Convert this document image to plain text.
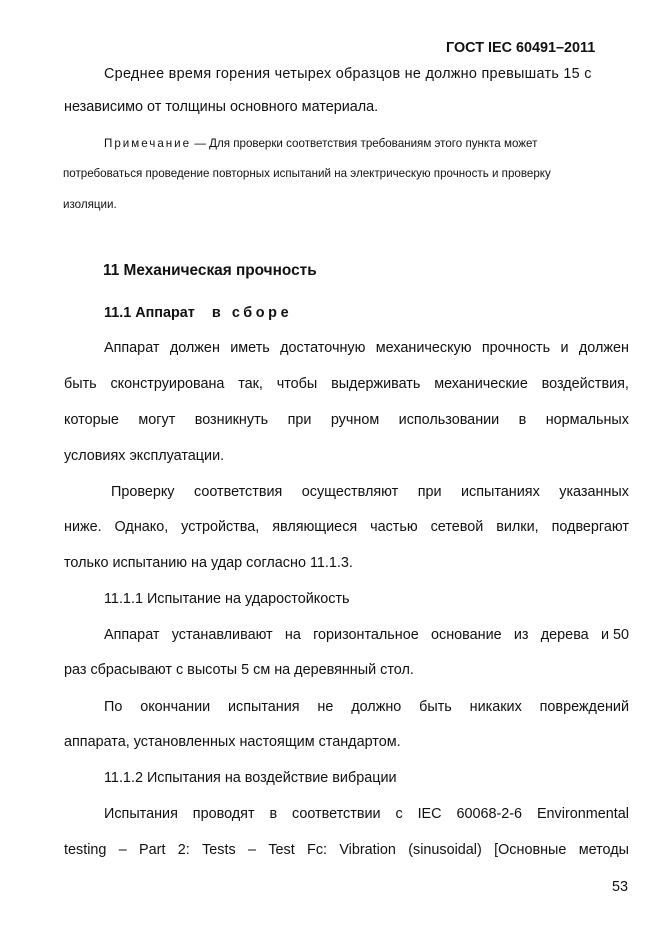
ГОСТ IEC 60491–2011
Среднее время горения четырех образцов не должно превышать 15 с
независимо от толщины основного материала.
Примечание — Для проверки соответствия требованиям этого пункта может
потребоваться проведение повторных испытаний на электрическую прочность и проверку
изоляции.
11 Механическая прочность
11.1 Аппарат в сборе
Аппарат должен иметь достаточную механическую прочность и должен
быть сконструирована так, чтобы выдерживать механические воздействия,
которые могут возникнуть при ручном использовании в нормальных
условиях эксплуатации.
Проверку соответствия осуществляют при испытаниях указанных
ниже. Однако, устройства, являющиеся частью сетевой вилки, подвергают
только испытанию на удар согласно 11.1.3.
11.1.1 Испытание на ударостойкость
Аппарат устанавливают на горизонтальное основание из дерева и 50
раз сбрасывают с высоты 5 см на деревянный стол.
По окончании испытания не должно быть никаких повреждений
аппарата, установленных настоящим стандартом.
11.1.2 Испытания на воздействие вибрации
Испытания проводят в соответствии с IEC 60068-2-6 Environmental
testing – Part 2: Tests – Test Fc: Vibration (sinusoidal) [Основные методы
53
